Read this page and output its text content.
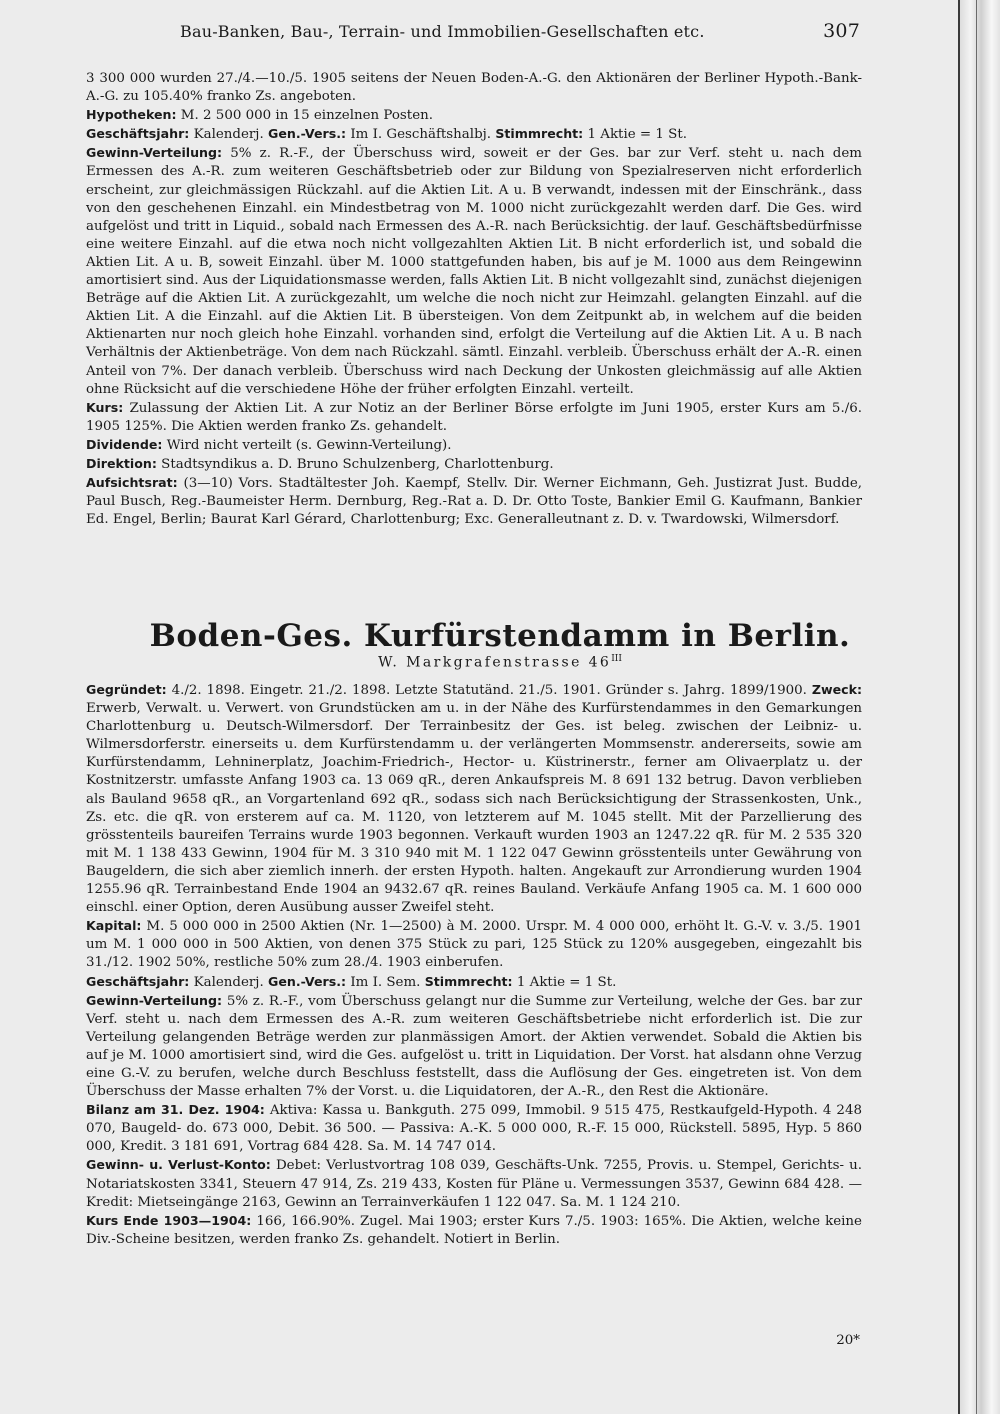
Bau-Banken, Bau-, Terrain- und Immobilien-Gesellschaften etc.	307

3 300 000 wurden 27./4.—10./5. 1905 seitens der Neuen Boden-A.-G. den Aktionären der Berliner Hypoth.-Bank-A.-G. zu 105.40% franko Zs. angeboten.

Hypotheken: M. 2 500 000 in 15 einzelnen Posten.

Geschäftsjahr: Kalenderj. Gen.-Vers.: Im I. Geschäftshalbj. Stimmrecht: 1 Aktie = 1 St.

Gewinn-Verteilung: 5% z. R.-F., der Überschuss wird, soweit er der Ges. bar zur Verf. steht u. nach dem Ermessen des A.-R. zum weiteren Geschäftsbetrieb oder zur Bildung von Spezialreserven nicht erforderlich erscheint, zur gleichmässigen Rückzahl. auf die Aktien Lit. A u. B verwandt, indessen mit der Einschränk., dass von den geschehenen Einzahl. ein Mindestbetrag von M. 1000 nicht zurückgezahlt werden darf. Die Ges. wird aufgelöst und tritt in Liquid., sobald nach Ermessen des A.-R. nach Berücksichtig. der lauf. Geschäftsbedürfnisse eine weitere Einzahl. auf die etwa noch nicht vollgezahlten Aktien Lit. B nicht erforderlich ist, und sobald die Aktien Lit. A u. B, soweit Einzahl. über M. 1000 stattgefunden haben, bis auf je M. 1000 aus dem Reingewinn amortisiert sind. Aus der Liquidationsmasse werden, falls Aktien Lit. B nicht vollgezahlt sind, zunächst diejenigen Beträge auf die Aktien Lit. A zurückgezahlt, um welche die noch nicht zur Heimzahl. gelangten Einzahl. auf die Aktien Lit. A die Einzahl. auf die Aktien Lit. B übersteigen. Von dem Zeitpunkt ab, in welchem auf die beiden Aktienarten nur noch gleich hohe Einzahl. vorhanden sind, erfolgt die Verteilung auf die Aktien Lit. A u. B nach Verhältnis der Aktienbeträge. Von dem nach Rückzahl. sämtl. Einzahl. verbleib. Überschuss erhält der A.-R. einen Anteil von 7%. Der danach verbleib. Überschuss wird nach Deckung der Unkosten gleichmässig auf alle Aktien ohne Rücksicht auf die verschiedene Höhe der früher erfolgten Einzahl. verteilt.

Kurs: Zulassung der Aktien Lit. A zur Notiz an der Berliner Börse erfolgte im Juni 1905, erster Kurs am 5./6. 1905 125%. Die Aktien werden franko Zs. gehandelt.

Dividende: Wird nicht verteilt (s. Gewinn-Verteilung).

Direktion: Stadtsyndikus a. D. Bruno Schulzenberg, Charlottenburg.

Aufsichtsrat: (3—10) Vors. Stadtältester Joh. Kaempf, Stellv. Dir. Werner Eichmann, Geh. Justizrat Just. Budde, Paul Busch, Reg.-Baumeister Herm. Dernburg, Reg.-Rat a. D. Dr. Otto Toste, Bankier Emil G. Kaufmann, Bankier Ed. Engel, Berlin; Baurat Karl Gérard, Charlottenburg; Exc. Generalleutnant z. D. v. Twardowski, Wilmersdorf.

Boden-Ges. Kurfürstendamm in Berlin.
W. Markgrafenstrasse $46^{III}$

Gegründet: 4./2. 1898. Eingetr. 21./2. 1898. Letzte Statutänd. 21./5. 1901. Gründer s. Jahrg. 1899/1900. Zweck: Erwerb, Verwalt. u. Verwert. von Grundstücken am u. in der Nähe des Kurfürstendammes in den Gemarkungen Charlottenburg u. Deutsch-Wilmersdorf. Der Terrainbesitz der Ges. ist beleg. zwischen der Leibniz- u. Wilmersdorferstr. einerseits u. dem Kurfürstendamm u. der verlängerten Mommsenstr. andererseits, sowie am Kurfürstendamm, Lehninerplatz, Joachim-Friedrich-, Hector- u. Küstrinerstr., ferner am Olivaerplatz u. der Kostnitzerstr. umfasste Anfang 1903 ca. 13 069 qR., deren Ankaufspreis M. 8 691 132 betrug. Davon verblieben als Bauland 9658 qR., an Vorgartenland 692 qR., sodass sich nach Berücksichtigung der Strassenkosten, Unk., Zs. etc. die qR. von ersterem auf ca. M. 1120, von letzterem auf M. 1045 stellt. Mit der Parzellierung des grösstenteils baureifen Terrains wurde 1903 begonnen. Verkauft wurden 1903 an 1247.22 qR. für M. 2 535 320 mit M. 1 138 433 Gewinn, 1904 für M. 3 310 940 mit M. 1 122 047 Gewinn grösstenteils unter Gewährung von Baugeldern, die sich aber ziemlich innerh. der ersten Hypoth. halten. Angekauft zur Arrondierung wurden 1904 1255.96 qR. Terrainbestand Ende 1904 an 9432.67 qR. reines Bauland. Verkäufe Anfang 1905 ca. M. 1 600 000 einschl. einer Option, deren Ausübung ausser Zweifel steht.

Kapital: M. 5 000 000 in 2500 Aktien (Nr. 1—2500) à M. 2000. Urspr. M. 4 000 000, erhöht lt. G.-V. v. 3./5. 1901 um M. 1 000 000 in 500 Aktien, von denen 375 Stück zu pari, 125 Stück zu 120% ausgegeben, eingezahlt bis 31./12. 1902 50%, restliche 50% zum 28./4. 1903 einberufen.

Geschäftsjahr: Kalenderj. Gen.-Vers.: Im I. Sem. Stimmrecht: 1 Aktie = 1 St.

Gewinn-Verteilung: 5% z. R.-F., vom Überschuss gelangt nur die Summe zur Verteilung, welche der Ges. bar zur Verf. steht u. nach dem Ermessen des A.-R. zum weiteren Geschäftsbetriebe nicht erforderlich ist. Die zur Verteilung gelangenden Beträge werden zur planmässigen Amort. der Aktien verwendet. Sobald die Aktien bis auf je M. 1000 amortisiert sind, wird die Ges. aufgelöst u. tritt in Liquidation. Der Vorst. hat alsdann ohne Verzug eine G.-V. zu berufen, welche durch Beschluss feststellt, dass die Auflösung der Ges. eingetreten ist. Von dem Überschuss der Masse erhalten 7% der Vorst. u. die Liquidatoren, der A.-R., den Rest die Aktionäre.

Bilanz am 31. Dez. 1904: Aktiva: Kassa u. Bankguth. 275 099, Immobil. 9 515 475, Restkaufgeld-Hypoth. 4 248 070, Baugeld- do. 673 000, Debit. 36 500. — Passiva: A.-K. 5 000 000, R.-F. 15 000, Rückstell. 5895, Hyp. 5 860 000, Kredit. 3 181 691, Vortrag 684 428. Sa. M. 14 747 014.

Gewinn- u. Verlust-Konto: Debet: Verlustvortrag 108 039, Geschäfts-Unk. 7255, Provis. u. Stempel, Gerichts- u. Notariatskosten 3341, Steuern 47 914, Zs. 219 433, Kosten für Pläne u. Vermessungen 3537, Gewinn 684 428. — Kredit: Mietseingänge 2163, Gewinn an Terrainverkäufen 1 122 047. Sa. M. 1 124 210.

Kurs Ende 1903—1904: 166, 166.90%. Zugel. Mai 1903; erster Kurs 7./5. 1903: 165%. Die Aktien, welche keine Div.-Scheine besitzen, werden franko Zs. gehandelt. Notiert in Berlin.

20*
